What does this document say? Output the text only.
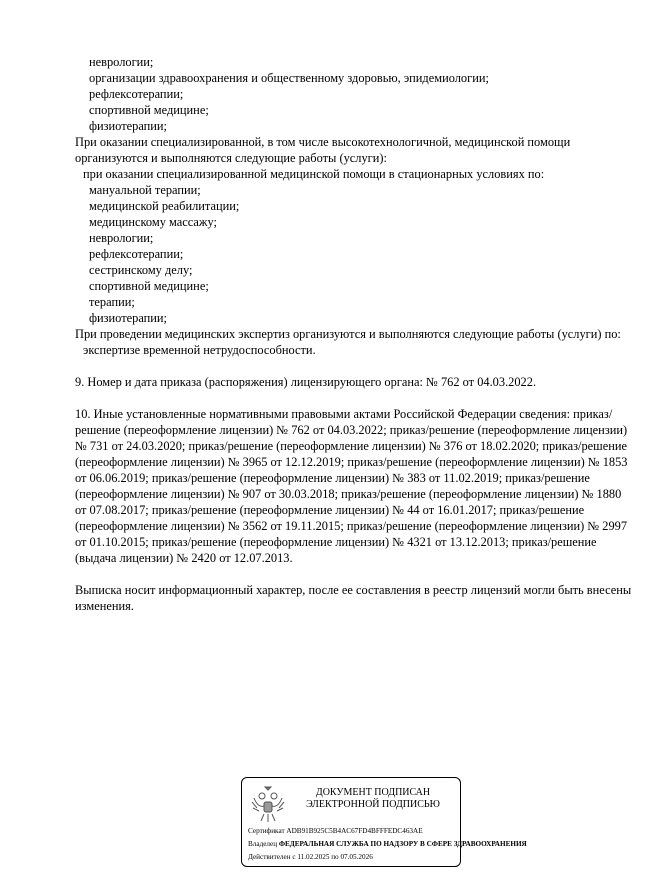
неврологии;
организации здравоохранения и общественному здоровью, эпидемиологии;
рефлексотерапии;
спортивной медицине;
физиотерапии;
При оказании специализированной, в том числе высокотехнологичной, медицинской помощи организуются и выполняются следующие работы (услуги):
при оказании специализированной медицинской помощи в стационарных условиях по:
мануальной терапии;
медицинской реабилитации;
медицинскому массажу;
неврологии;
рефлексотерапии;
сестринскому делу;
спортивной медицине;
терапии;
физиотерапии;
При проведении медицинских экспертиз организуются и выполняются следующие работы (услуги) по:
экспертизе временной нетрудоспособности.
9. Номер и дата приказа (распоряжения) лицензирующего органа: № 762 от 04.03.2022.
10. Иные установленные нормативными правовыми актами Российской Федерации сведения: приказ/решение (переоформление лицензии) № 762 от 04.03.2022; приказ/решение (переоформление лицензии) № 731 от 24.03.2020; приказ/решение (переоформление лицензии) № 376 от 18.02.2020; приказ/решение (переоформление лицензии) № 3965 от 12.12.2019; приказ/решение (переоформление лицензии) № 1853 от 06.06.2019; приказ/решение (переоформление лицензии) № 383 от 11.02.2019; приказ/решение (переоформление лицензии) № 907 от 30.03.2018; приказ/решение (переоформление лицензии) № 1880 от 07.08.2017; приказ/решение (переоформление лицензии) № 44 от 16.01.2017; приказ/решение (переоформление лицензии) № 3562 от 19.11.2015; приказ/решение (переоформление лицензии) № 2997 от 01.10.2015; приказ/решение (переоформление лицензии) № 4321 от 13.12.2013; приказ/решение (выдача лицензии) № 2420 от 12.07.2013.
Выписка носит информационный характер, после ее составления в реестр лицензий могли быть внесены изменения.
ДОКУМЕНТ ПОДПИСАН
ЭЛЕКТРОННОЙ ПОДПИСЬЮ
Сертификат ADB91B925C5B4AC67FD4BFFFEDC463AE
Владелец ФЕДЕРАЛЬНАЯ СЛУЖБА ПО НАДЗОРУ В СФЕРЕ ЗДРАВООХРАНЕНИЯ
Действителен с 11.02.2025 по 07.05.2026
